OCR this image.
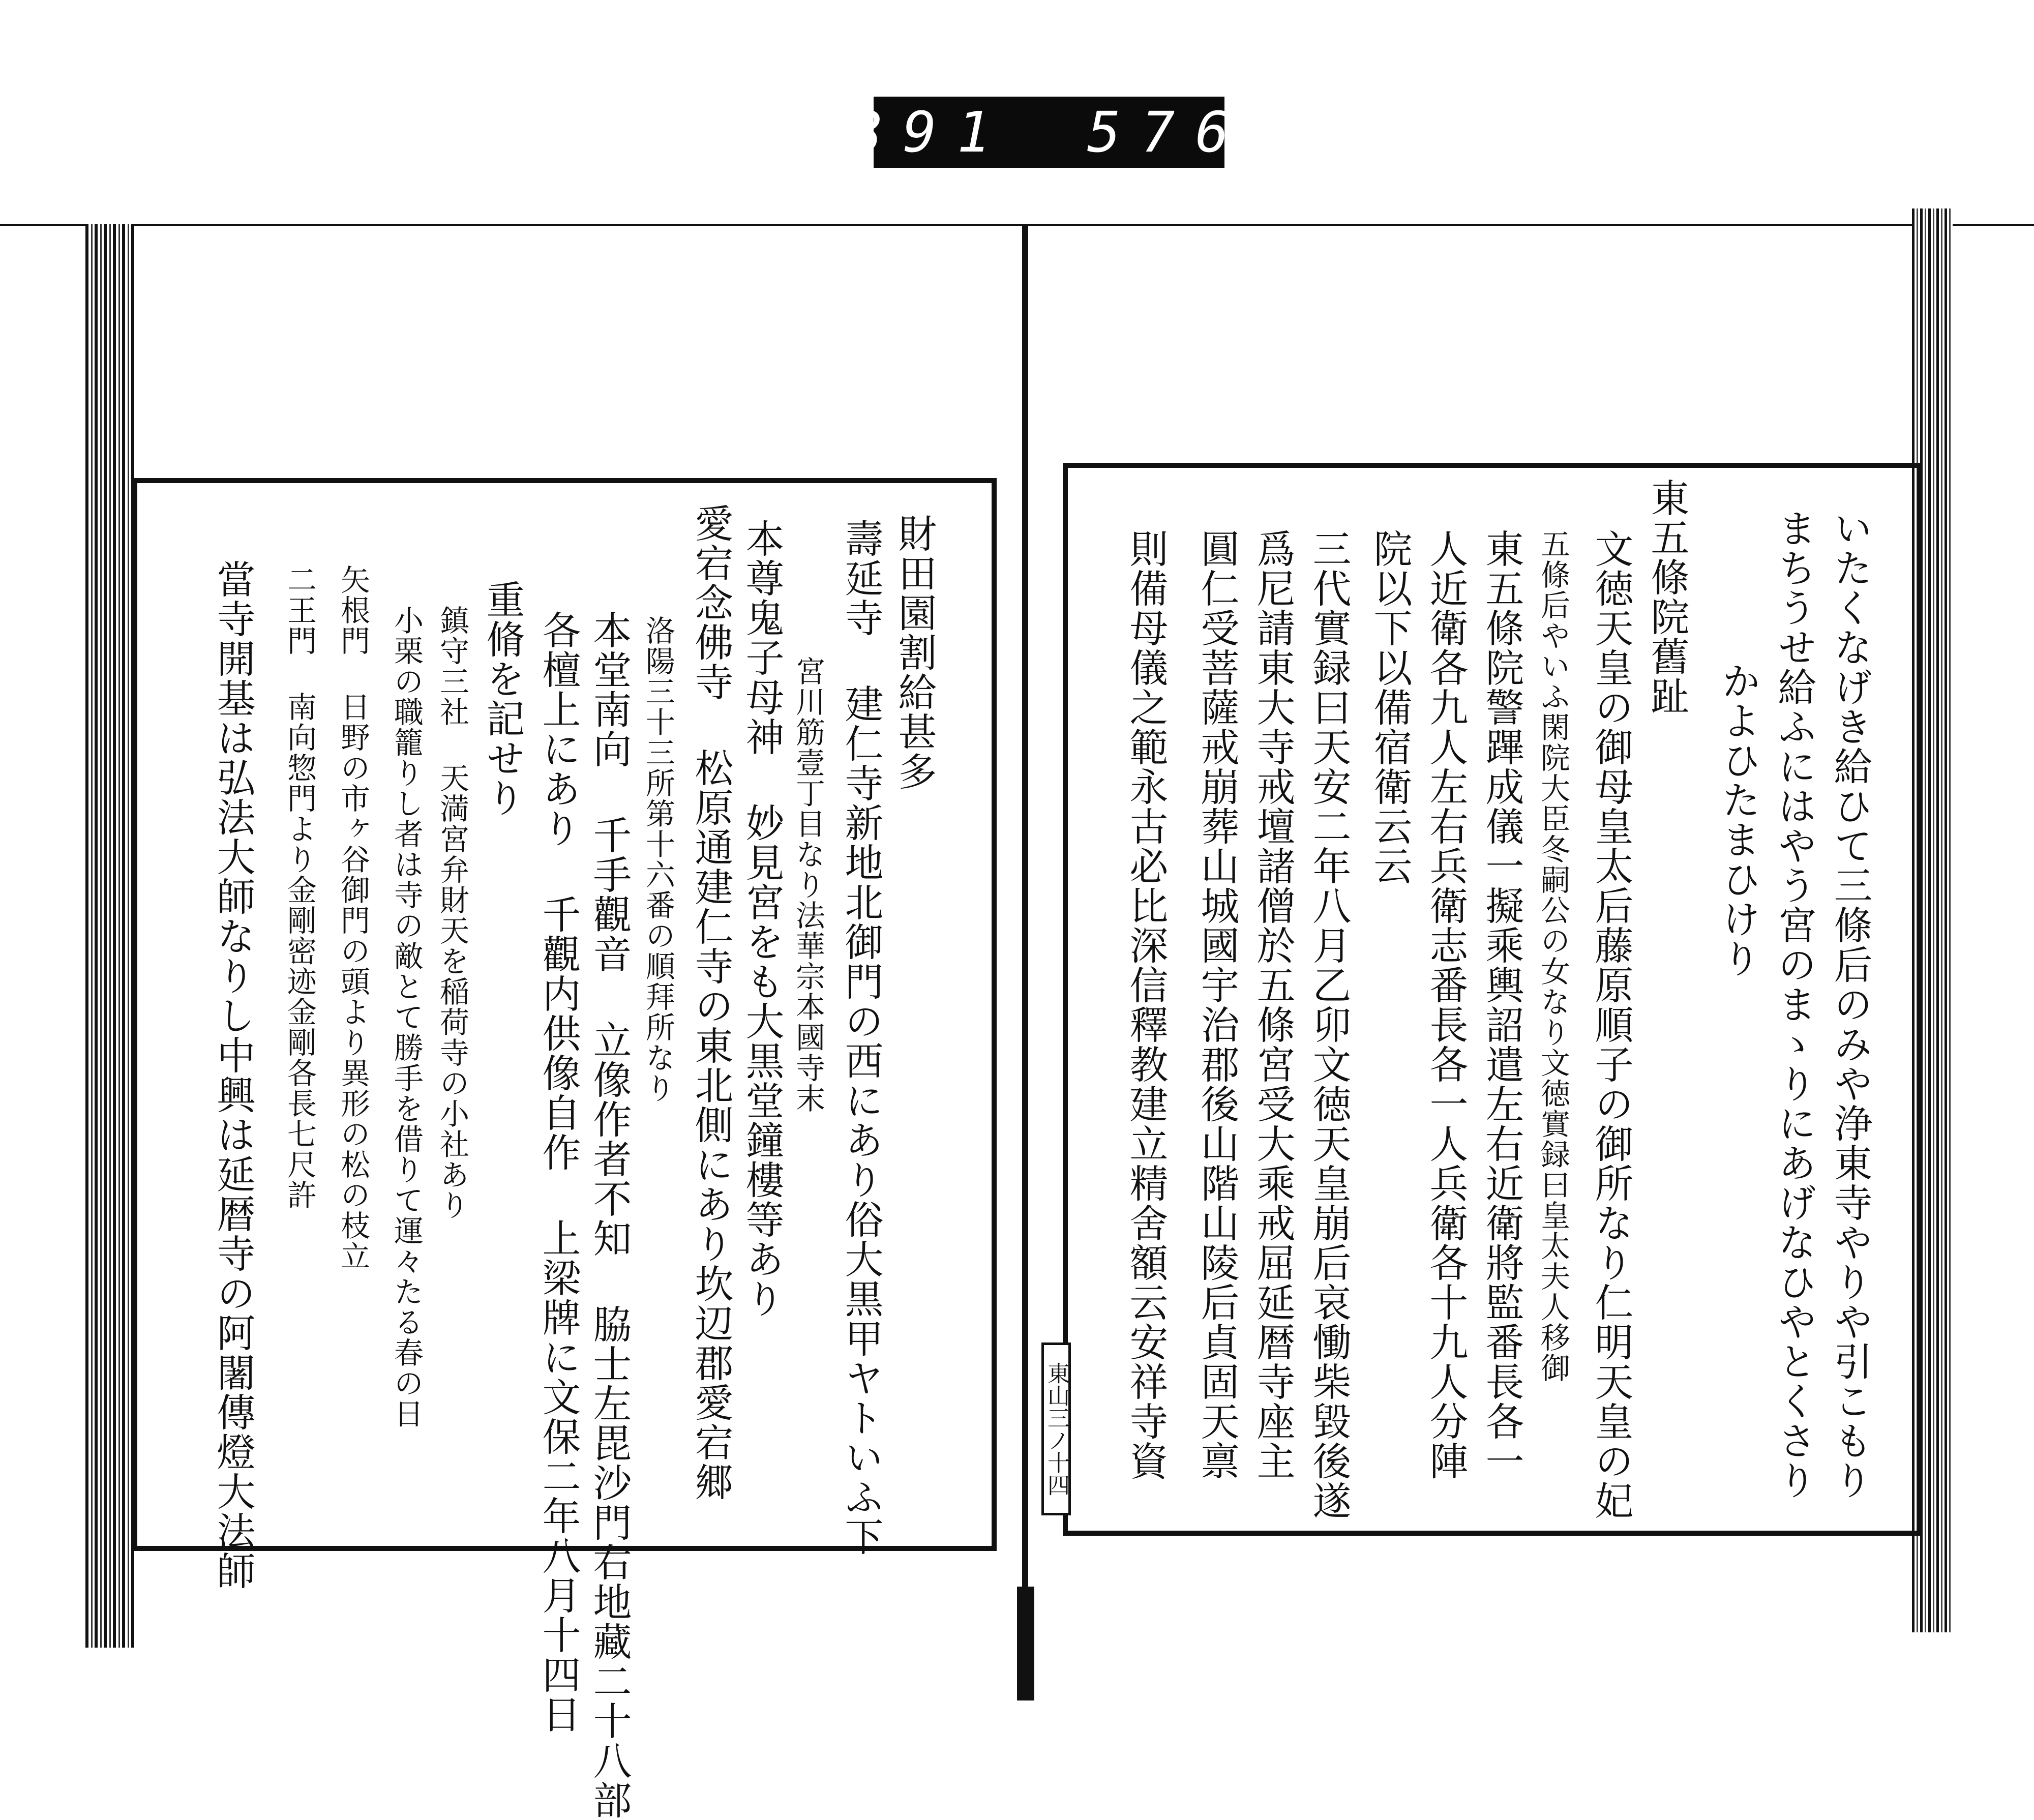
891 576
いたくなげき給ひて三條后のみや浄東寺やりや引こもり
まちうせ給ふにはやう宮のまゝりにあげなひやとくさり
かよひたまひけり
東五條院舊趾
文徳天皇の御母皇太后藤原順子の御所なり仁明天皇の妃
五條后やいふ閑院大臣冬嗣公の女なり文徳實録曰皇太夫人移御
東五條院警蹕成儀一擬乘輿詔遣左右近衛將監番長各一
人近衛各九人左右兵衛志番長各一人兵衛各十九人分陣
院以下以備宿衛云云
三代實録曰天安二年八月乙卯文徳天皇崩后哀慟柴毀後遂
爲尼請東大寺戒壇諸僧於五條宮受大乘戒屈延暦寺座主
圓仁受菩薩戒崩葬山城國宇治郡後山階山陵后貞固天禀
則備母儀之範永古必比深信釋教建立精舍額云安祥寺資
東山三ノ十四
財田園割給甚多
壽延寺 建仁寺新地北御門の西にあり俗大黒甲ヤトいふ下
宮川筋壹丁目なり法華宗本國寺末
本尊鬼子母神 妙見宮をも大黒堂鐘樓等あり
愛宕念佛寺 松原通建仁寺の東北側にあり坎辺郡愛宕郷
洛陽三十三所第十六番の順拜所なり
本堂南向 千手觀音 立像作者不知 脇士左毘沙門右地藏二十八部
各檀上にあり 千觀内供像自作 上梁牌に文保二年八月十四日
重脩を記せり
鎮守三社 天満宮弁財天を稲荷寺の小社あり
小栗の職籠りし者は寺の敵とて勝手を借りて運々たる春の日
矢根門 日野の市ヶ谷御門の頭より異形の松の枝立
二王門 南向惣門より金剛密迹金剛各長七尺許
當寺開基は弘法大師なりし中興は延暦寺の阿闍傳燈大法師
